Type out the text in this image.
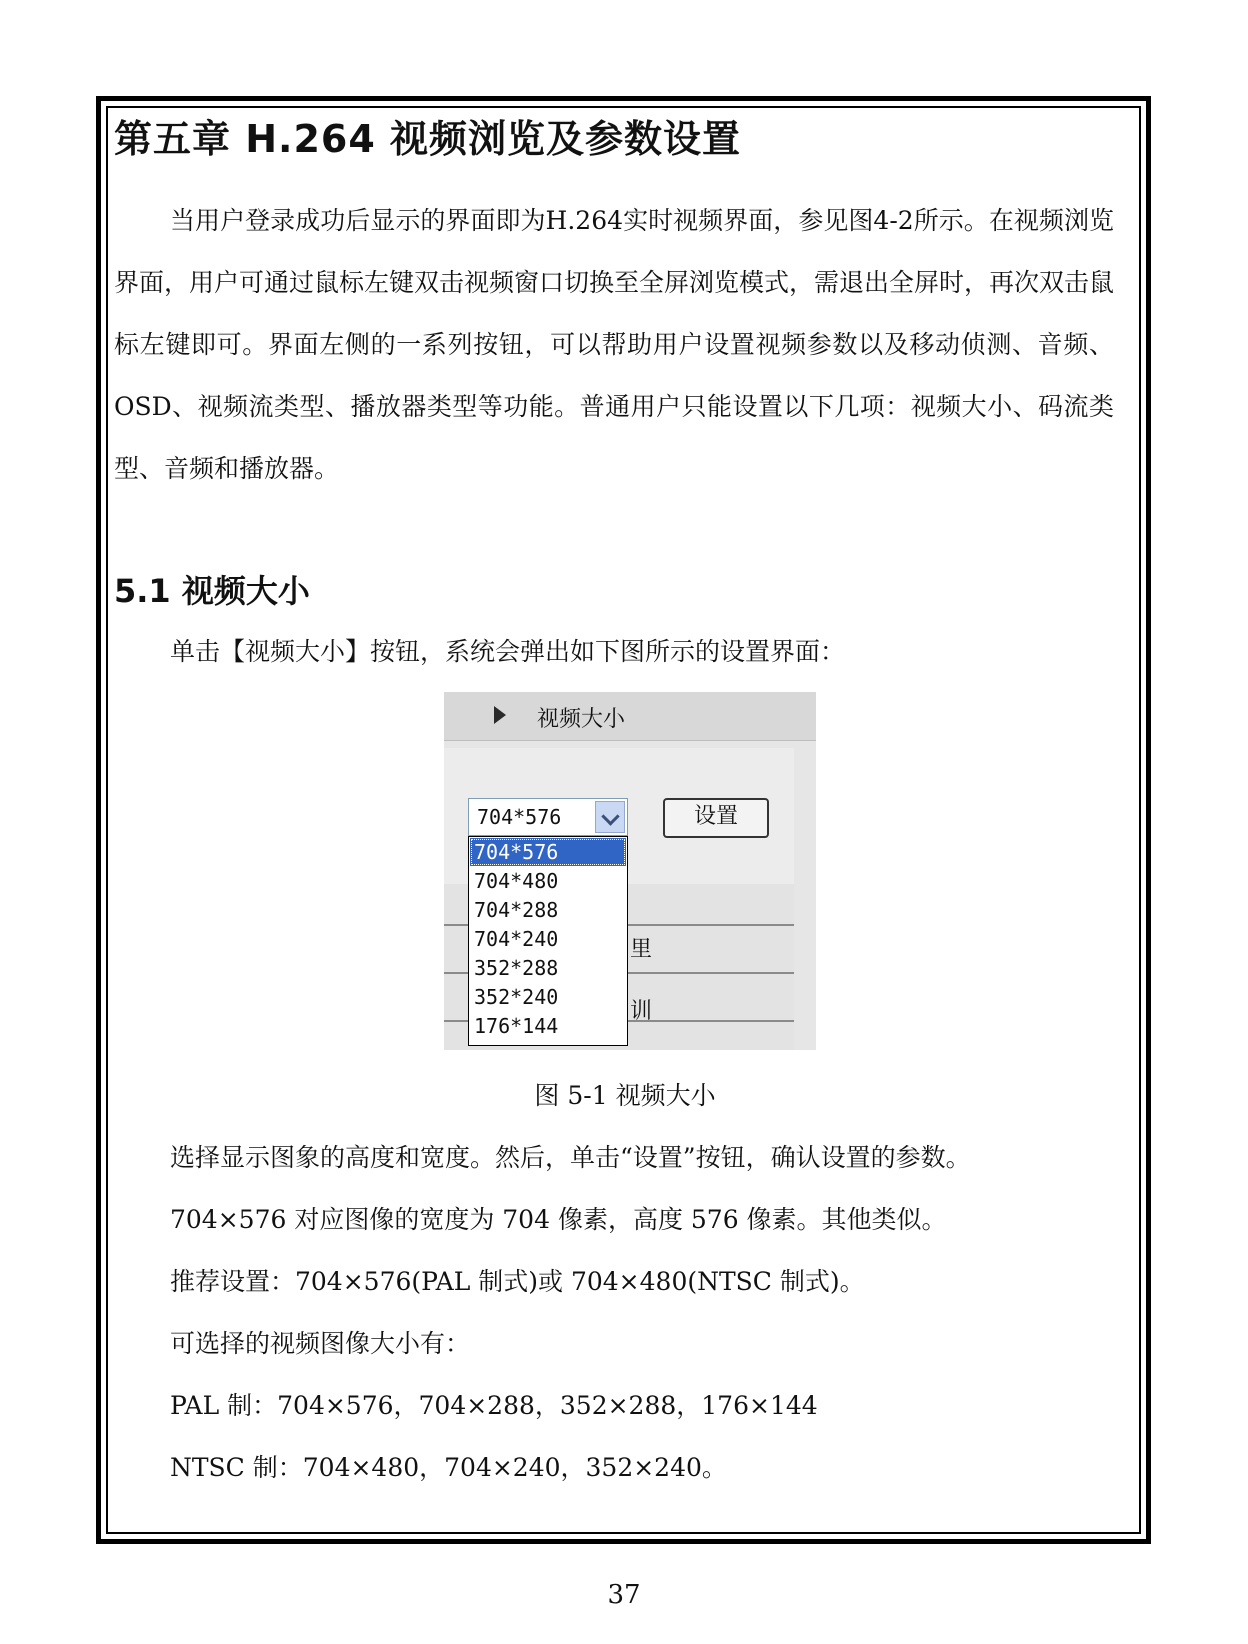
第五章 H.264 视频浏览及参数设置

当用户登录成功后显示的界面即为H.264实时视频界面，参见图4-2所示。在视频浏览界面，用户可通过鼠标左键双击视频窗口切换至全屏浏览模式，需退出全屏时，再次双击鼠标左键即可。界面左侧的一系列按钮，可以帮助用户设置视频参数以及移动侦测、音频、OSD、视频流类型、播放器类型等功能。普通用户只能设置以下几项：视频大小、码流类型、音频和播放器。

5.1 视频大小

单击【视频大小】按钮，系统会弹出如下图所示的设置界面：

视频大小
里
训
704*576	设置
704*576
704*480
704*288
704*240
352*288
352*240
176*144

图 5-1 视频大小

选择显示图象的高度和宽度。然后，单击“设置”按钮，确认设置的参数。

704×576 对应图像的宽度为 704 像素，高度 576 像素。其他类似。

推荐设置：704×576(PAL 制式)或 704×480(NTSC 制式)。

可选择的视频图像大小有：

PAL 制：704×576，704×288，352×288，176×144

NTSC 制：704×480，704×240，352×240。

37
